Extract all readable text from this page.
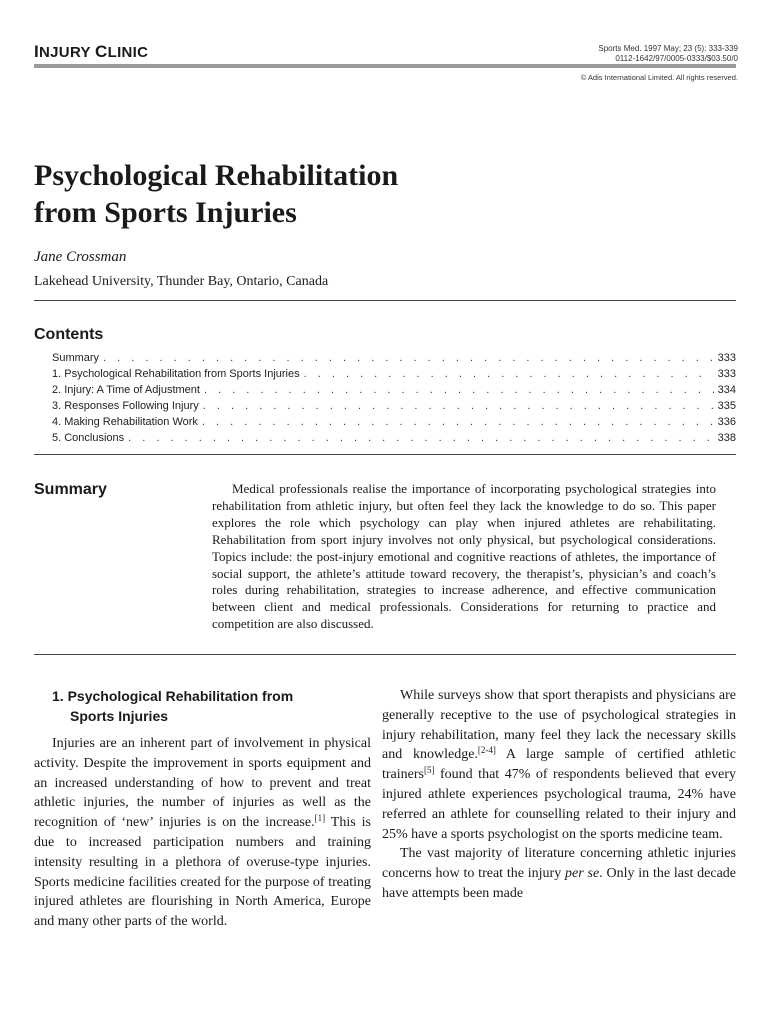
INJURY CLINIC	Sports Med. 1997 May; 23 (5): 333-339
0112-1642/97/0005-0333/$03.50/0
© Adis International Limited. All rights reserved.
Psychological Rehabilitation
from Sports Injuries
Jane Crossman
Lakehead University, Thunder Bay, Ontario, Canada
Contents
Summary . . .	333
1. Psychological Rehabilitation from Sports Injuries . . .	333
2. Injury: A Time of Adjustment . . .	334
3. Responses Following Injury . . .	335
4. Making Rehabilitation Work . . .	336
5. Conclusions . . .	338
Summary	Medical professionals realise the importance of incorporating psychological strategies into rehabilitation from athletic injury, but often feel they lack the knowledge to do so. This paper explores the role which psychology can play when injured athletes are rehabilitating. Rehabilitation from sport injury involves not only physical, but psychological considerations. Topics include: the post-injury emotional and cognitive reactions of athletes, the importance of social support, the athlete’s attitude toward recovery, the therapist’s, physician’s and coach’s roles during rehabilitation, strategies to increase adherence, and effective communication between client and medical professionals. Considerations for returning to practice and competition are also discussed.
1. Psychological Rehabilitation from
Sports Injuries

Injuries are an inherent part of involvement in physical activity. Despite the improvement in sports equipment and an increased understanding of how to prevent and treat athletic injuries, the number of injuries as well as the recognition of ‘new’ injuries is on the increase.[1] This is due to increased participation numbers and training intensity resulting in a plethora of overuse-type injuries. Sports medicine facilities created for the purpose of treating injured athletes are flourishing in North America, Europe and many other parts of the world.

While surveys show that sport therapists and physicians are generally receptive to the use of psychological strategies in injury rehabilitation, many feel they lack the necessary skills and knowledge.[2-4] A large sample of certified athletic trainers[5] found that 47% of respondents believed that every injured athlete experiences psychological trauma, 24% have referred an athlete for counselling related to their injury and 25% have a sports psychologist on the sports medicine team.

The vast majority of literature concerning athletic injuries concerns how to treat the injury per se. Only in the last decade have attempts been made
